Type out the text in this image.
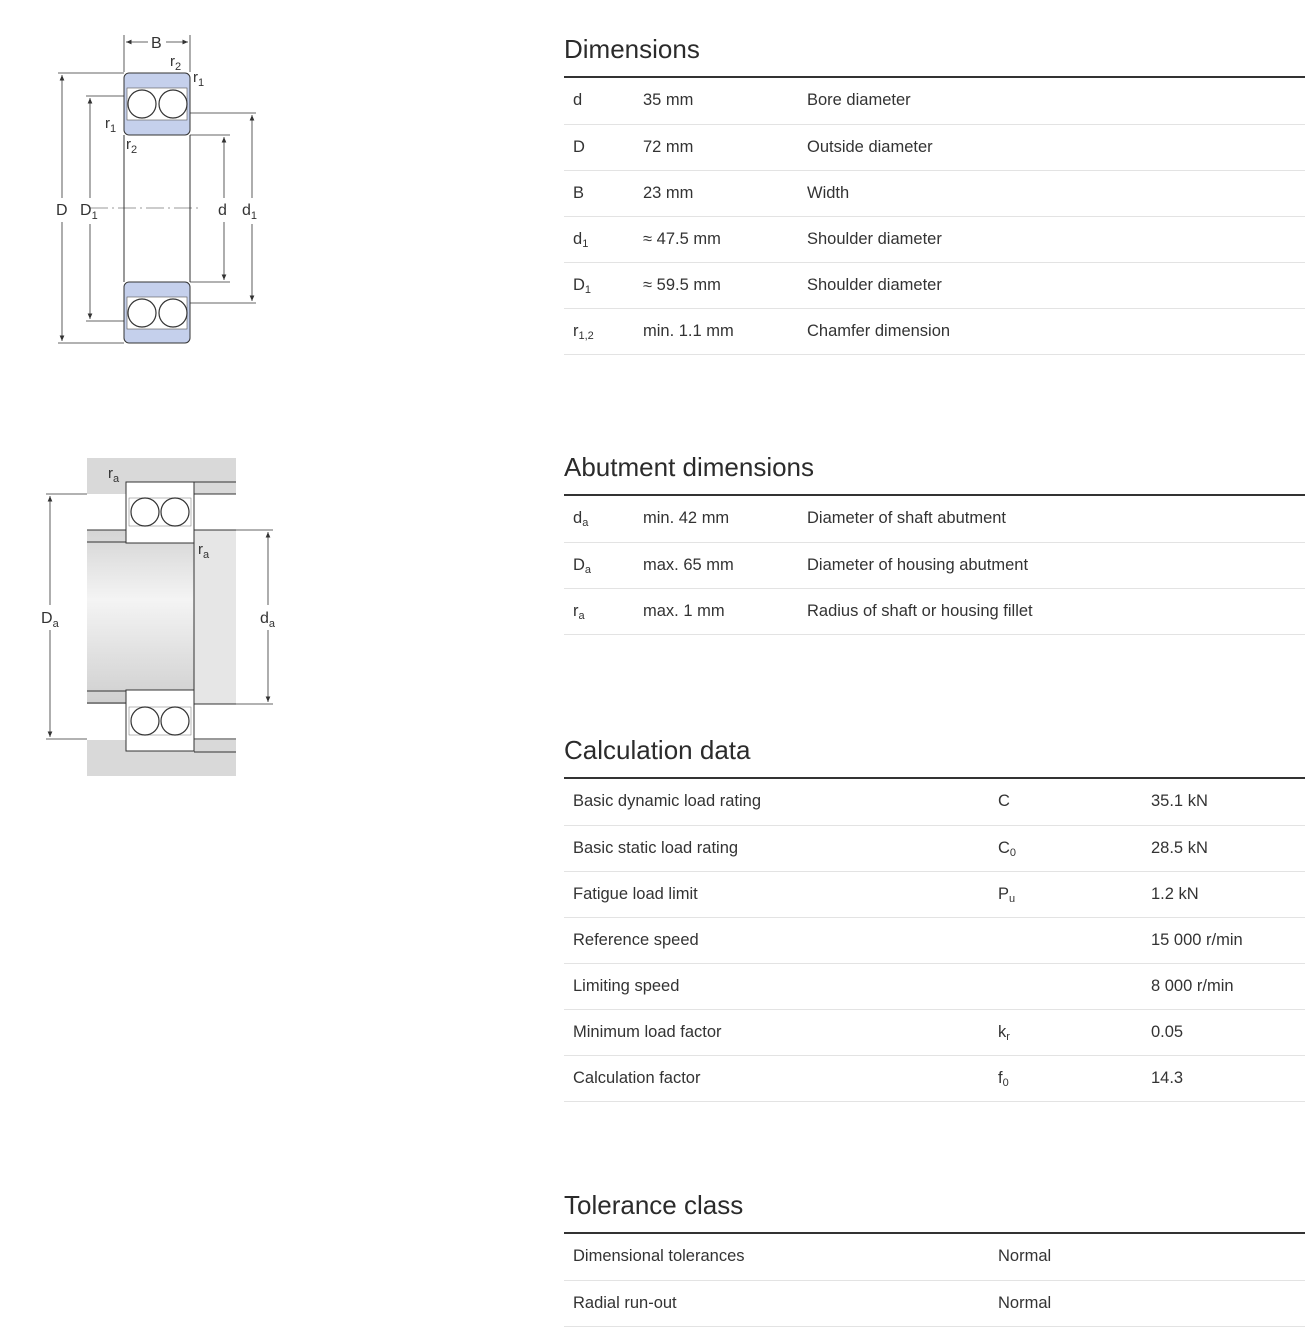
B
$r_2$
$r_1$
$r_1$
$r_2$
D $D_1$	d $d_1$
$r_a$
$r_a$
$D_a$	$d_a$
Dimensions
d	35 mm	Bore diameter
D	72 mm	Outside diameter
B	23 mm	Width
$d_1$	≈ 47.5 mm	Shoulder diameter
$D_1$	≈ 59.5 mm	Shoulder diameter
$r_{1,2}$	min. 1.1 mm	Chamfer dimension
Abutment dimensions
$d_a$	min. 42 mm	Diameter of shaft abutment
$D_a$	max. 65 mm	Diameter of housing abutment
$r_a$	max. 1 mm	Radius of shaft or housing fillet
Calculation data
Basic dynamic load rating	C	35.1 kN
Basic static load rating	$C_0$	28.5 kN
Fatigue load limit	$P_u$	1.2 kN
Reference speed		15 000 r/min
Limiting speed		8 000 r/min
Minimum load factor	$k_r$	0.05
Calculation factor	$f_0$	14.3
Tolerance class
Dimensional tolerances	Normal
Radial run-out	Normal
